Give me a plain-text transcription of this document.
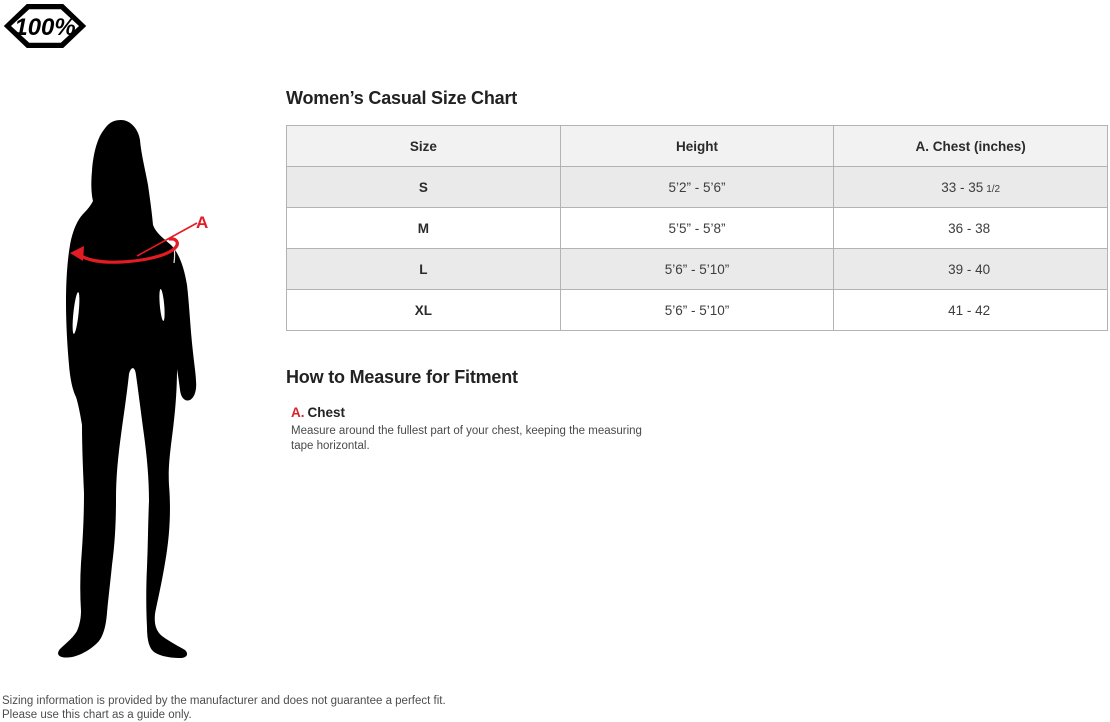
100%
A
Women’s Casual Size Chart
Size	Height	A. Chest (inches)
S	5’2” - 5’6”	33 - 35 1/2
M	5’5” - 5’8”	36 - 38
L	5’6” - 5’10”	39 - 40
XL	5’6” - 5’10”	41 - 42
How to Measure for Fitment
A. Chest
Measure around the fullest part of your chest, keeping the measuring tape horizontal.
Sizing information is provided by the manufacturer and does not guarantee a perfect fit.
Please use this chart as a guide only.
